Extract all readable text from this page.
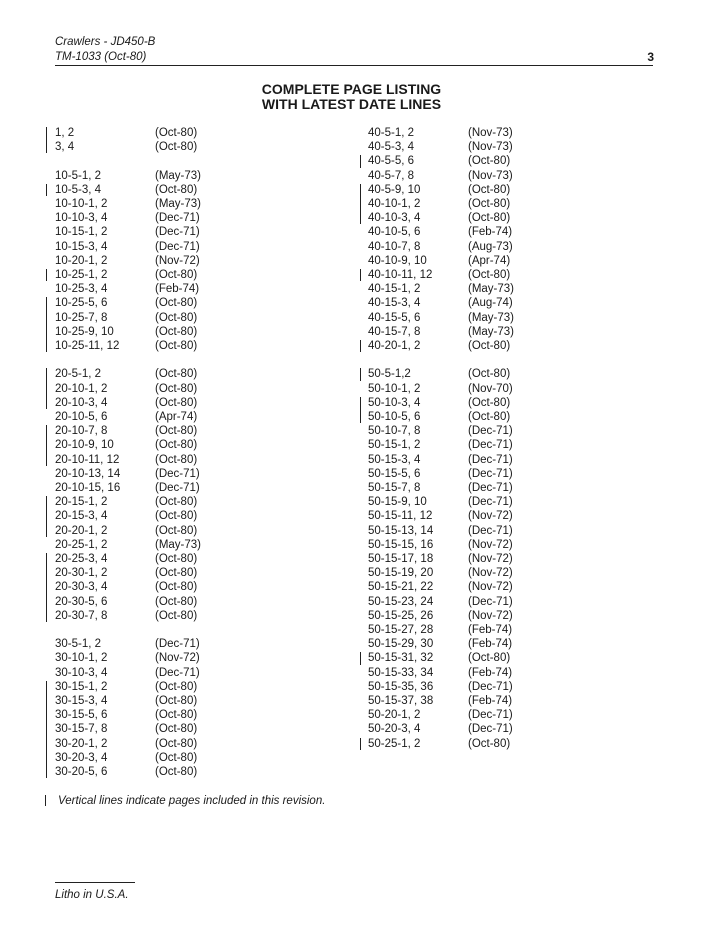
Crawlers - JD450-B
TM-1033 (Oct-80)	3
COMPLETE PAGE LISTING
WITH LATEST DATE LINES
1, 2	(Oct-80)
3, 4	(Oct-80)
10-5-1, 2	(May-73)
10-5-3, 4	(Oct-80)
10-10-1, 2	(May-73)
10-10-3, 4	(Dec-71)
10-15-1, 2	(Dec-71)
10-15-3, 4	(Dec-71)
10-20-1, 2	(Nov-72)
10-25-1, 2	(Oct-80)
10-25-3, 4	(Feb-74)
10-25-5, 6	(Oct-80)
10-25-7, 8	(Oct-80)
10-25-9, 10	(Oct-80)
10-25-11, 12	(Oct-80)
20-5-1, 2	(Oct-80)
20-10-1, 2	(Oct-80)
20-10-3, 4	(Oct-80)
20-10-5, 6	(Apr-74)
20-10-7, 8	(Oct-80)
20-10-9, 10	(Oct-80)
20-10-11, 12	(Oct-80)
20-10-13, 14	(Dec-71)
20-10-15, 16	(Dec-71)
20-15-1, 2	(Oct-80)
20-15-3, 4	(Oct-80)
20-20-1, 2	(Oct-80)
20-25-1, 2	(May-73)
20-25-3, 4	(Oct-80)
20-30-1, 2	(Oct-80)
20-30-3, 4	(Oct-80)
20-30-5, 6	(Oct-80)
20-30-7, 8	(Oct-80)
30-5-1, 2	(Dec-71)
30-10-1, 2	(Nov-72)
30-10-3, 4	(Dec-71)
30-15-1, 2	(Oct-80)
30-15-3, 4	(Oct-80)
30-15-5, 6	(Oct-80)
30-15-7, 8	(Oct-80)
30-20-1, 2	(Oct-80)
30-20-3, 4	(Oct-80)
30-20-5, 6	(Oct-80)
40-5-1, 2	(Nov-73)
40-5-3, 4	(Nov-73)
40-5-5, 6	(Oct-80)
40-5-7, 8	(Nov-73)
40-5-9, 10	(Oct-80)
40-10-1, 2	(Oct-80)
40-10-3, 4	(Oct-80)
40-10-5, 6	(Feb-74)
40-10-7, 8	(Aug-73)
40-10-9, 10	(Apr-74)
40-10-11, 12	(Oct-80)
40-15-1, 2	(May-73)
40-15-3, 4	(Aug-74)
40-15-5, 6	(May-73)
40-15-7, 8	(May-73)
40-20-1, 2	(Oct-80)
50-5-1,2	(Oct-80)
50-10-1, 2	(Nov-70)
50-10-3, 4	(Oct-80)
50-10-5, 6	(Oct-80)
50-10-7, 8	(Dec-71)
50-15-1, 2	(Dec-71)
50-15-3, 4	(Dec-71)
50-15-5, 6	(Dec-71)
50-15-7, 8	(Dec-71)
50-15-9, 10	(Dec-71)
50-15-11, 12	(Nov-72)
50-15-13, 14	(Dec-71)
50-15-15, 16	(Nov-72)
50-15-17, 18	(Nov-72)
50-15-19, 20	(Nov-72)
50-15-21, 22	(Nov-72)
50-15-23, 24	(Dec-71)
50-15-25, 26	(Nov-72)
50-15-27, 28	(Feb-74)
50-15-29, 30	(Feb-74)
50-15-31, 32	(Oct-80)
50-15-33, 34	(Feb-74)
50-15-35, 36	(Dec-71)
50-15-37, 38	(Feb-74)
50-20-1, 2	(Dec-71)
50-20-3, 4	(Dec-71)
50-25-1, 2	(Oct-80)
Vertical lines indicate pages included in this revision.
Litho in U.S.A.
